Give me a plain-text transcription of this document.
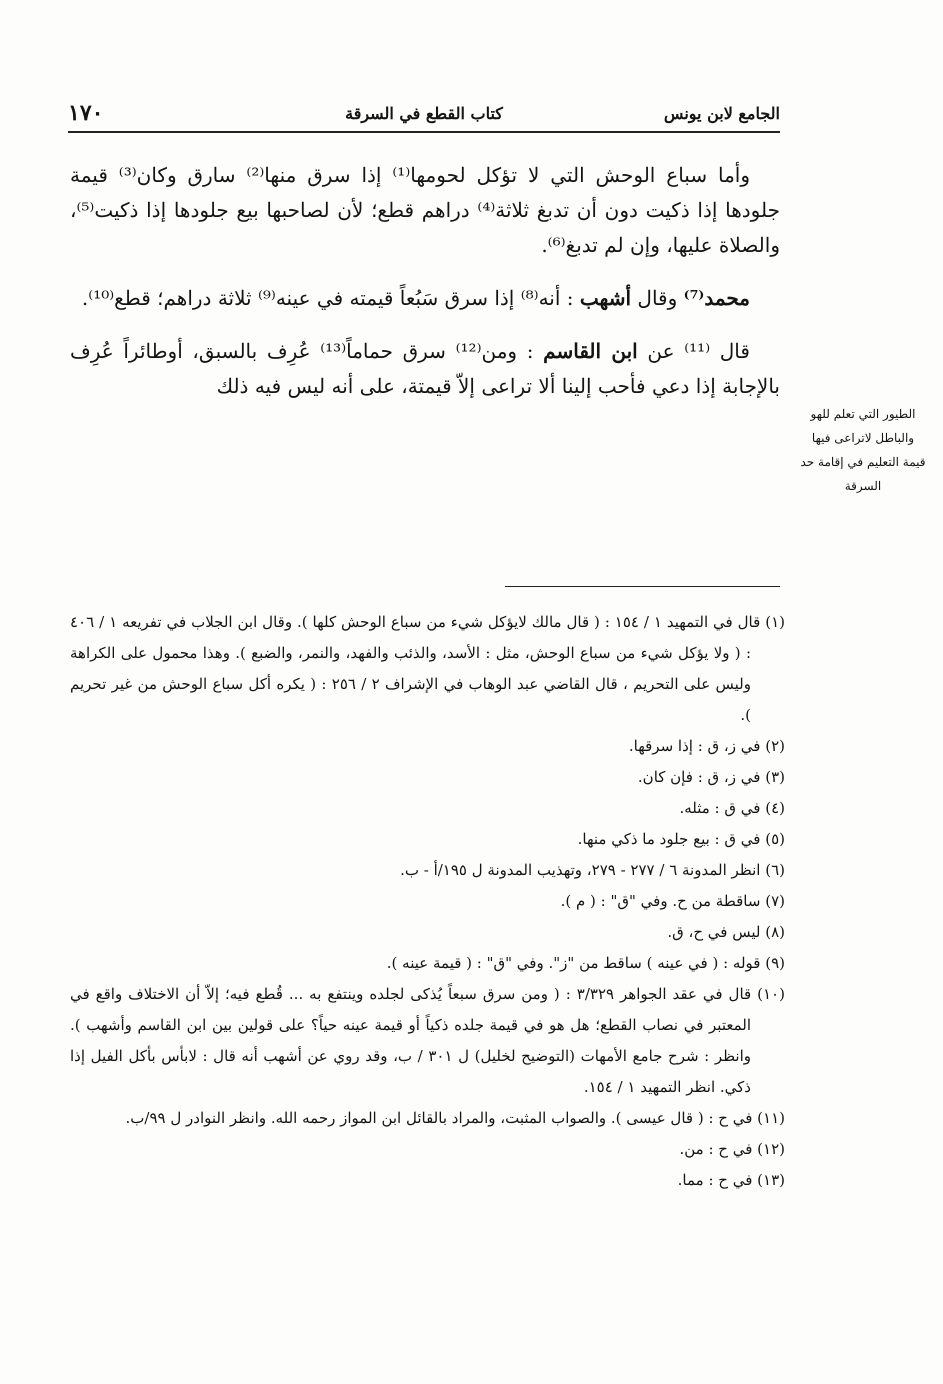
الجامع لابن يونس
كتاب القطع في السرقة
١٧٠

وأما سباع الوحش التي لا تؤكل لحومها⁽¹⁾ إذا سرق منها⁽²⁾ سارق وكان⁽³⁾ قيمة جلودها إذا ذكيت دون أن تدبغ ثلاثة⁽⁴⁾ دراهم قطع؛ لأن لصاحبها بيع جلودها إذا ذكيت⁽⁵⁾، والصلاة عليها، وإن لم تدبغ⁽⁶⁾.

محمد⁽⁷⁾ وقال أشهب : أنه⁽⁸⁾ إذا سرق سَبُعاً قيمته في عينه⁽⁹⁾ ثلاثة دراهم؛ قطع⁽¹⁰⁾.

قال ⁽¹¹⁾ عن ابن القاسم : ومن⁽¹²⁾ سرق حماماً⁽¹³⁾ عُرِف بالسبق، أوطائراً عُرِف بالإجابة إذا دعي فأحب إلينا ألا تراعى إلاّ قيمتة، على أنه ليس فيه ذلك

الطيور التي تعلم للهو والباطل لاتراعى فيها قيمة التعليم في إقامة حد السرقة
(١) قال في التمهيد ١ / ١٥٤ : ( قال مالك لايؤكل شيء من سباع الوحش كلها ). وقال ابن الجلاب في تفريعه ١ / ٤٠٦ : ( ولا يؤكل شيء من سباع الوحش، مثل : الأسد، والذئب والفهد، والنمر، والضبع ). وهذا محمول على الكراهة وليس على التحريم ، قال القاضي عبد الوهاب في الإشراف ٢ / ٢٥٦ : ( يكره أكل سباع الوحش من غير تحريم ).
(٢) في ز، ق : إذا سرقها.
(٣) في ز، ق : فإن كان.
(٤) في ق : مثله.
(٥) في ق : بيع جلود ما ذكي منها.
(٦) انظر المدونة ٦ / ٢٧٧ - ٢٧٩، وتهذيب المدونة ل ١٩٥/أ - ب.
(٧) ساقطة من ح. وفي "ق" : ( م ).
(٨) ليس في ح، ق.
(٩) قوله : ( في عينه ) ساقط من "ز". وفي "ق" : ( قيمة عينه ).
(١٠) قال في عقد الجواهر ٣/٣٢٩ : ( ومن سرق سبعاً يُذكى لجلده وينتفع به ... قُطع فيه؛ إلاّ أن الاختلاف واقع في المعتبر في نصاب القطع؛ هل هو في قيمة جلده ذكياً أو قيمة عينه حياً؟ على قولين بين ابن القاسم وأشهب ). وانظر : شرح جامع الأمهات (التوضيح لخليل) ل ٣٠١ / ب، وقد روي عن أشهب أنه قال : لابأس بأكل الفيل إذا ذكي. انظر التمهيد ١ / ١٥٤.
(١١) في ح : ( قال عيسى ). والصواب المثبت، والمراد بالقائل ابن المواز رحمه الله. وانظر النوادر ل ٩٩/ب.
(١٢) في ح : من.
(١٣) في ح : مما.
